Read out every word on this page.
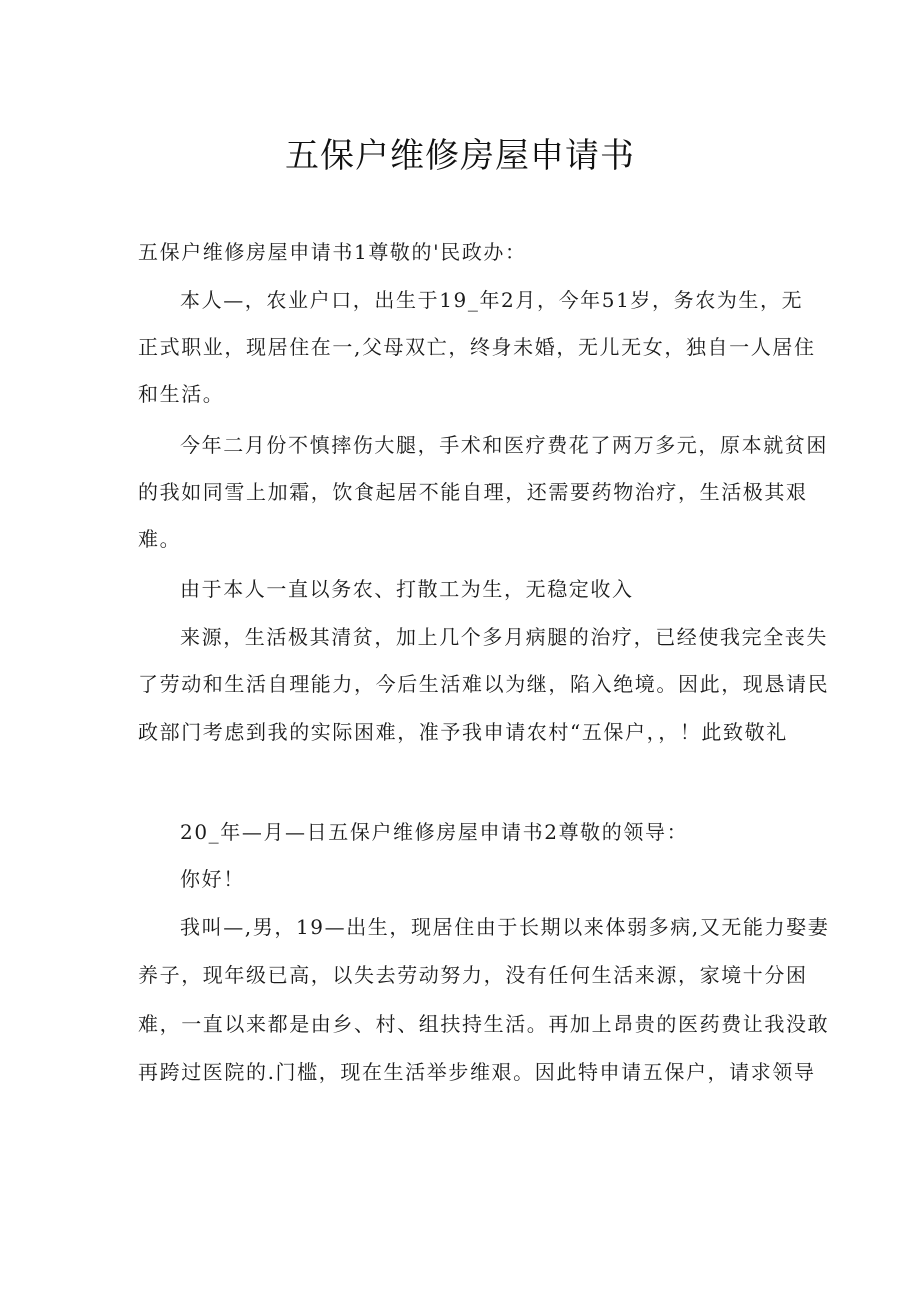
五保户维修房屋申请书

五保户维修房屋申请书1尊敬的'民政办：

本人—，农业户口，出生于19_年2月，今年51岁，务农为生，无

正式职业，现居住在一,父母双亡，终身未婚，无儿无女，独自一人居住

和生活。

今年二月份不慎摔伤大腿，手术和医疗费花了两万多元，原本就贫困

的我如同雪上加霜，饮食起居不能自理，还需要药物治疗，生活极其艰

难。

由于本人一直以务农、打散工为生，无稳定收入

来源，生活极其清贫，加上几个多月病腿的治疗，已经使我完全丧失

了劳动和生活自理能力，今后生活难以为继，陷入绝境。因此，现恳请民

政部门考虑到我的实际困难，准予我申请农村“五保户，，！此致敬礼

20_年—月—日五保户维修房屋申请书2尊敬的领导：

你好！

我叫—,男，19—出生，现居住由于长期以来体弱多病,又无能力娶妻

养子，现年级已高，以失去劳动努力，没有任何生活来源，家境十分困

难，一直以来都是由乡、村、组扶持生活。再加上昂贵的医药费让我没敢

再跨过医院的.门槛，现在生活举步维艰。因此特申请五保户，请求领导
